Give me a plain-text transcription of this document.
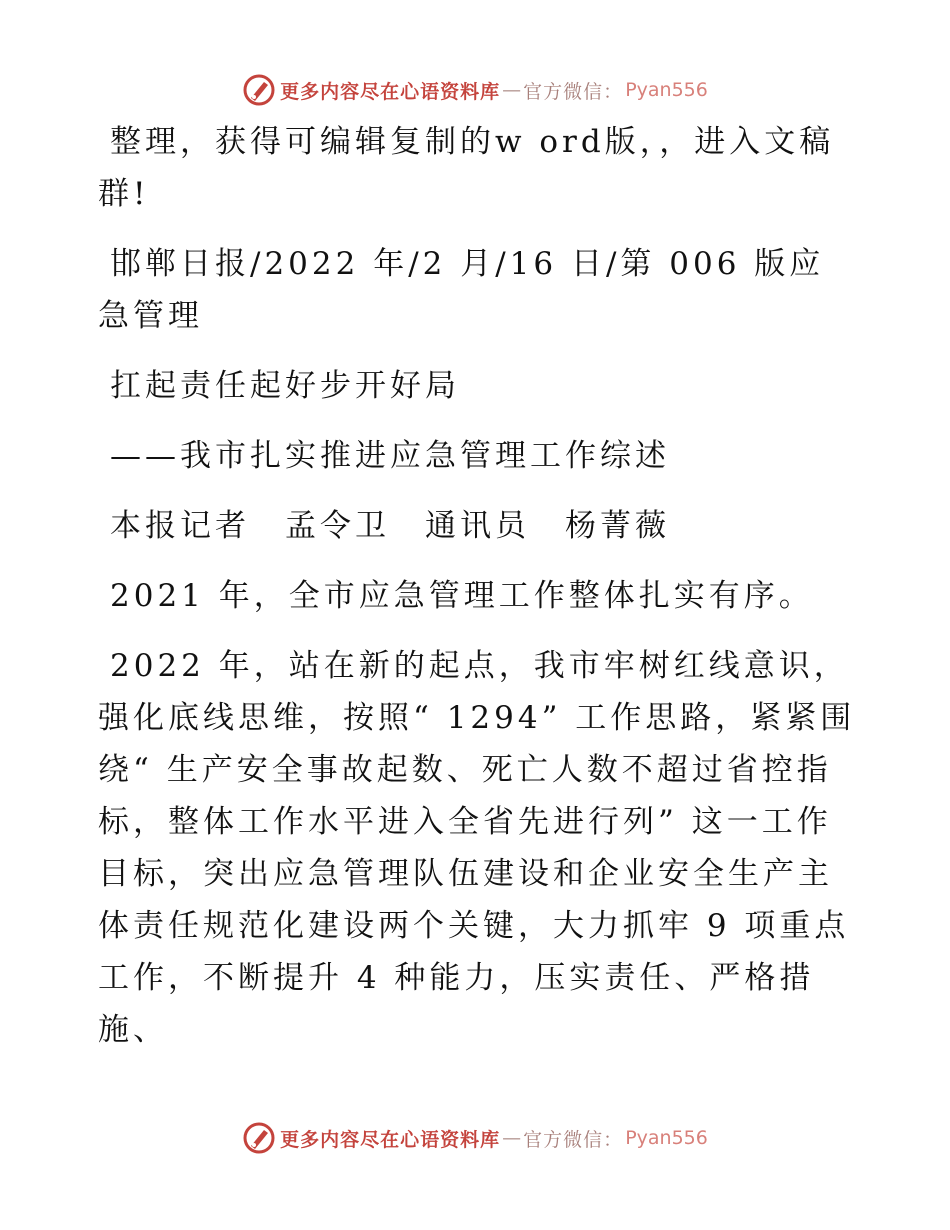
更多内容尽在心语资料库 — 官方微信： Pyan556

整理，获得可编辑复制的w ord版，，进入文稿群!

邯郸日报/2022 年/2 月/16 日/第 006 版应急管理

扛起责任起好步开好局

——我市扎实推进应急管理工作综述

本报记者　孟令卫　通讯员　杨菁薇

2021 年，全市应急管理工作整体扎实有序。

2022 年，站在新的起点，我市牢树红线意识，强化底线思维，按照“ 1294” 工作思路，紧紧围绕“ 生产安全事故起数、死亡人数不超过省控指标，整体工作水平进入全省先进行列” 这一工作目标，突出应急管理队伍建设和企业安全生产主体责任规范化建设两个关键，大力抓牢 9 项重点工作，不断提升 4 种能力，压实责任、严格措施、

更多内容尽在心语资料库 — 官方微信： Pyan556
